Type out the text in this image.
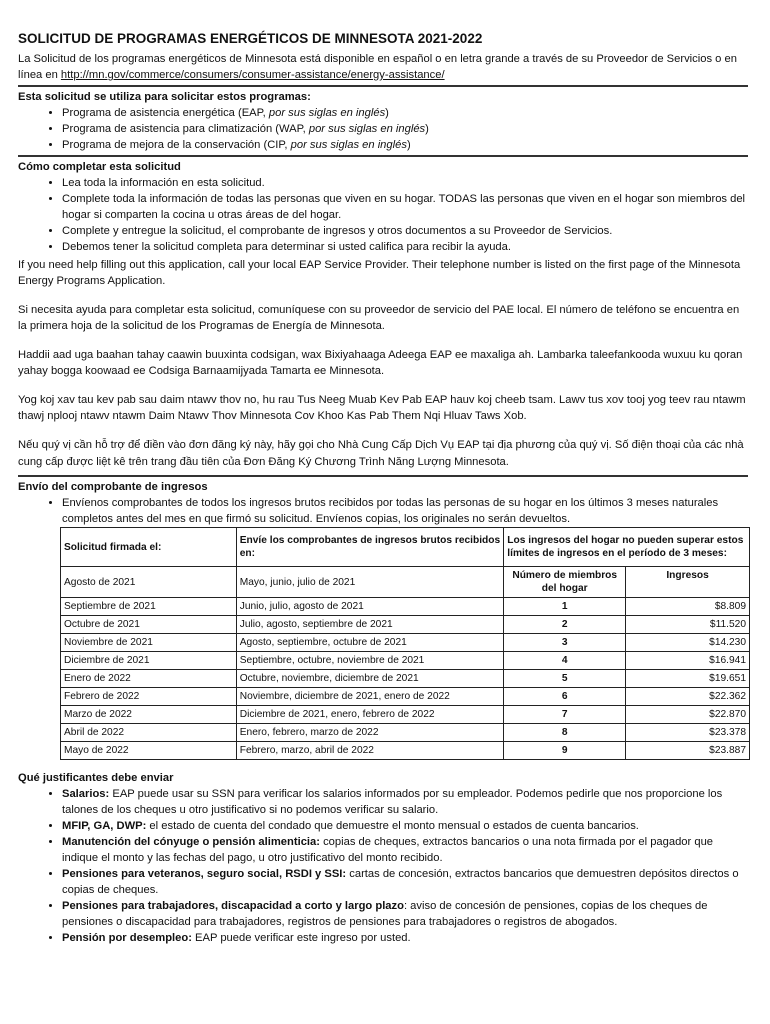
SOLICITUD DE PROGRAMAS ENERGÉTICOS DE MINNESOTA 2021-2022
La Solicitud de los programas energéticos de Minnesota está disponible en español o en letra grande a través de su Proveedor de Servicios o en línea en http://mn.gov/commerce/consumers/consumer-assistance/energy-assistance/
Esta solicitud se utiliza para solicitar estos programas:
• Programa de asistencia energética (EAP, por sus siglas en inglés)
• Programa de asistencia para climatización (WAP, por sus siglas en inglés)
• Programa de mejora de la conservación (CIP, por sus siglas en inglés)
Cómo completar esta solicitud
• Lea toda la información en esta solicitud.
• Complete toda la información de todas las personas que viven en su hogar. TODAS las personas que viven en el hogar son miembros del hogar si comparten la cocina u otras áreas de del hogar.
• Complete y entregue la solicitud, el comprobante de ingresos y otros documentos a su Proveedor de Servicios.
• Debemos tener la solicitud completa para determinar si usted califica para recibir la ayuda.
If you need help filling out this application, call your local EAP Service Provider. Their telephone number is listed on the first page of the Minnesota Energy Programs Application.
Si necesita ayuda para completar esta solicitud, comuníquese con su proveedor de servicio del PAE local. El número de teléfono se encuentra en la primera hoja de la solicitud de los Programas de Energía de Minnesota.
Haddii aad uga baahan tahay caawin buuxinta codsigan, wax Bixiyahaaga Adeega EAP ee maxaliga ah. Lambarka taleefankooda wuxuu ku qoran yahay bogga koowaad ee Codsiga Barnaamijyada Tamarta ee Minnesota.
Yog koj xav tau kev pab sau daim ntawv thov no, hu rau Tus Neeg Muab Kev Pab EAP hauv koj cheeb tsam. Lawv tus xov tooj yog teev rau ntawm thawj nplooj ntawv ntawm Daim Ntawv Thov Minnesota Cov Khoo Kas Pab Them Nqi Hluav Taws Xob.
Nếu quý vị cần hỗ trợ để điền vào đơn đăng ký này, hãy gọi cho Nhà Cung Cấp Dịch Vụ EAP tại địa phương của quý vị. Số điện thoại của các nhà cung cấp được liệt kê trên trang đầu tiên của Đơn Đăng Ký Chương Trình Năng Lượng Minnesota.
Envío del comprobante de ingresos
• Envíenos comprobantes de todos los ingresos brutos recibidos por todas las personas de su hogar en los últimos 3 meses naturales completos antes del mes en que firmó su solicitud. Envíenos copias, los originales no serán devueltos.
Solicitud firmada el:	Envíe los comprobantes de ingresos brutos recibidos en:	Los ingresos del hogar no pueden superar estos límites de ingresos en el período de 3 meses:	

Agosto de 2021	Mayo, junio, julio de 2021	Número de miembros del hogar	Ingresos
Septiembre de 2021	Junio, julio, agosto de 2021	1	$8.809
Octubre de 2021	Julio, agosto, septiembre de 2021	2	$11.520
Noviembre de 2021	Agosto, septiembre, octubre de 2021	3	$14.230
Diciembre de 2021	Septiembre, octubre, noviembre de 2021	4	$16.941
Enero de 2022	Octubre, noviembre, diciembre de 2021	5	$19.651
Febrero de 2022	Noviembre, diciembre de 2021, enero de 2022	6	$22.362
Marzo de 2022	Diciembre de 2021, enero, febrero de 2022	7	$22.870
Abril de 2022	Enero, febrero, marzo de 2022	8	$23.378
Mayo de 2022	Febrero, marzo, abril de 2022	9	$23.887
Qué justificantes debe enviar
• Salarios: EAP puede usar su SSN para verificar los salarios informados por su empleador. Podemos pedirle que nos proporcione los talones de los cheques u otro justificativo si no podemos verificar su salario.
• MFIP, GA, DWP: el estado de cuenta del condado que demuestre el monto mensual o estados de cuenta bancarios.
• Manutención del cónyuge o pensión alimenticia: copias de cheques, extractos bancarios o una nota firmada por el pagador que indique el monto y las fechas del pago, u otro justificativo del monto recibido.
• Pensiones para veteranos, seguro social, RSDI y SSI: cartas de concesión, extractos bancarios que demuestren depósitos directos o copias de cheques.
• Pensiones para trabajadores, discapacidad a corto y largo plazo: aviso de concesión de pensiones, copias de los cheques de pensiones o discapacidad para trabajadores, registros de pensiones para trabajadores o registros de abogados.
• Pensión por desempleo: EAP puede verificar este ingreso por usted.
